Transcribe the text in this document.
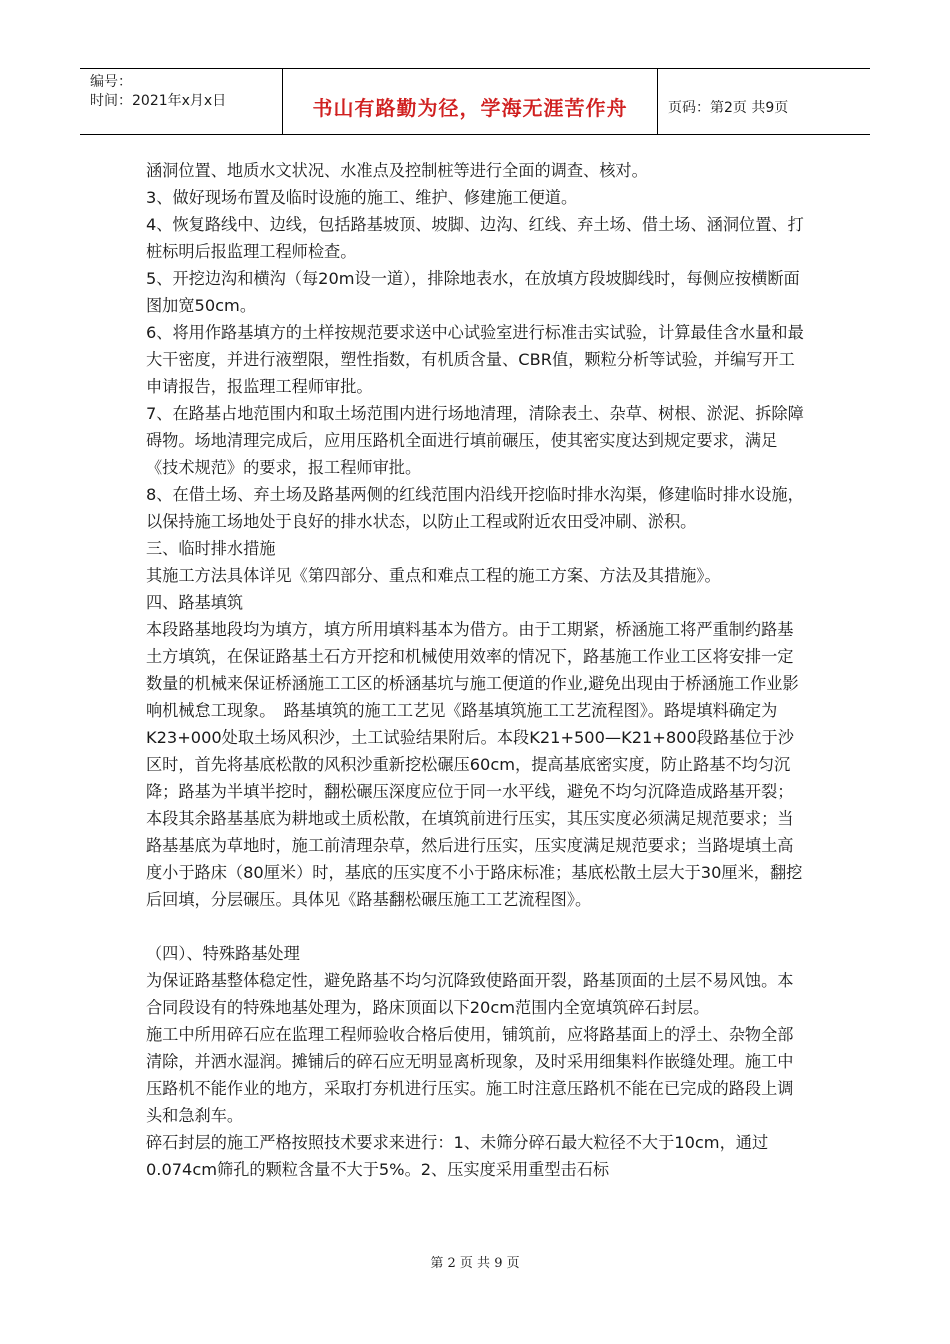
编号：
时间：2021年x月x日	书山有路勤为径，学海无涯苦作舟	页码：第2页 共9页

涵洞位置、地质水文状况、水准点及控制桩等进行全面的调查、核对。

3、做好现场布置及临时设施的施工、维护、修建施工便道。

4、恢复路线中、边线，包括路基坡顶、坡脚、边沟、红线、弃土场、借土场、涵洞位置、打桩标明后报监理工程师检查。

5、开挖边沟和横沟（每20m设一道），排除地表水，在放填方段坡脚线时，每侧应按横断面图加宽50cm。

6、将用作路基填方的土样按规范要求送中心试验室进行标准击实试验，计算最佳含水量和最大干密度，并进行液塑限，塑性指数，有机质含量、CBR值，颗粒分析等试验，并编写开工申请报告，报监理工程师审批。

7、在路基占地范围内和取土场范围内进行场地清理，清除表土、杂草、树根、淤泥、拆除障碍物。场地清理完成后，应用压路机全面进行填前碾压，使其密实度达到规定要求，满足《技术规范》的要求，报工程师审批。

8、在借土场、弃土场及路基两侧的红线范围内沿线开挖临时排水沟渠，修建临时排水设施，以保持施工场地处于良好的排水状态，以防止工程或附近农田受冲刷、淤积。

三、临时排水措施

其施工方法具体详见《第四部分、重点和难点工程的施工方案、方法及其措施》。

四、路基填筑

本段路基地段均为填方，填方所用填料基本为借方。由于工期紧，桥涵施工将严重制约路基土方填筑，在保证路基土石方开挖和机械使用效率的情况下，路基施工作业工区将安排一定数量的机械来保证桥涵施工工区的桥涵基坑与施工便道的作业,避免出现由于桥涵施工作业影响机械怠工现象。　路基填筑的施工工艺见《路基填筑施工工艺流程图》。路堤填料确定为K23+000处取土场风积沙，土工试验结果附后。本段K21+500—K21+800段路基位于沙区时，首先将基底松散的风积沙重新挖松碾压60cm，提高基底密实度，防止路基不均匀沉降；路基为半填半挖时，翻松碾压深度应位于同一水平线，避免不均匀沉降造成路基开裂；本段其余路基基底为耕地或土质松散，在填筑前进行压实，其压实度必须满足规范要求；当路基基底为草地时，施工前清理杂草，然后进行压实，压实度满足规范要求；当路堤填土高度小于路床（80厘米）时，基底的压实度不小于路床标准；基底松散土层大于30厘米，翻挖后回填，分层碾压。具体见《路基翻松碾压施工工艺流程图》。

（四）、特殊路基处理

为保证路基整体稳定性，避免路基不均匀沉降致使路面开裂，路基顶面的土层不易风蚀。本合同段设有的特殊地基处理为，路床顶面以下20cm范围内全宽填筑碎石封层。

施工中所用碎石应在监理工程师验收合格后使用，铺筑前，应将路基面上的浮土、杂物全部清除，并洒水湿润。摊铺后的碎石应无明显离析现象，及时采用细集料作嵌缝处理。施工中压路机不能作业的地方，采取打夯机进行压实。施工时注意压路机不能在已完成的路段上调头和急刹车。

碎石封层的施工严格按照技术要求来进行：1、未筛分碎石最大粒径不大于10cm，通过0.074cm筛孔的颗粒含量不大于5%。2、压实度采用重型击石标

第 2 页 共 9 页
